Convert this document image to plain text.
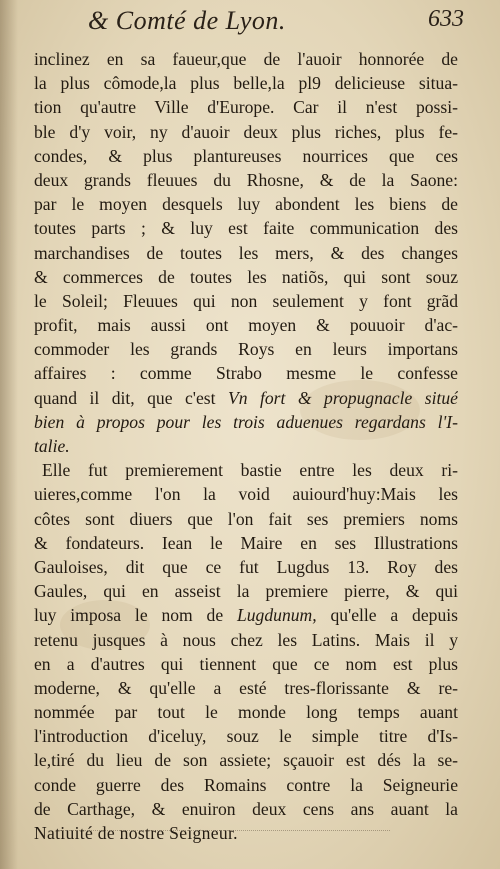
& Comté de Lyon.	633
inclinez en sa faueur,que de l'auoir honnorée de
la plus cômode,la plus belle,la pl9 delicieuse situa-
tion qu'autre Ville d'Europe. Car il n'est possi-
ble d'y voir, ny d'auoir deux plus riches, plus fe-
condes, & plus plantureuses nourrices que ces
deux grands fleuues du Rhosne, & de la Saone:
par le moyen desquels luy abondent les biens de
toutes parts ; & luy est faite communication des
marchandises de toutes les mers, & des changes
& commerces de toutes les natiõs, qui sont souz
le Soleil; Fleuues qui non seulement y font grãd
profit, mais aussi ont moyen & pouuoir d'ac-
commoder les grands Roys en leurs importans
affaires : comme Strabo mesme le confesse
quand il dit, que c'est Vn fort & propugnacle situé
bien à propos pour les trois aduenues regardans l'I-
talie.
Elle fut premierement bastie entre les deux ri-
uieres,comme l'on la void auiourd'huy:Mais les
côtes sont diuers que l'on fait ses premiers noms
& fondateurs. Iean le Maire en ses Illustrations
Gauloises, dit que ce fut Lugdus 13. Roy des
Gaules, qui en asseist la premiere pierre, & qui
luy imposa le nom de Lugdunum, qu'elle a depuis
retenu jusques à nous chez les Latins. Mais il y
en a d'autres qui tiennent que ce nom est plus
moderne, & qu'elle a esté tres-florissante & re-
nommée par tout le monde long temps auant
l'introduction d'iceluy, souz le simple titre d'Is-
le,tiré du lieu de son assiete; sçauoir est dés la se-
conde guerre des Romains contre la Seigneurie
de Carthage, & enuiron deux cens ans auant la
Natiuité de nostre Seigneur.
